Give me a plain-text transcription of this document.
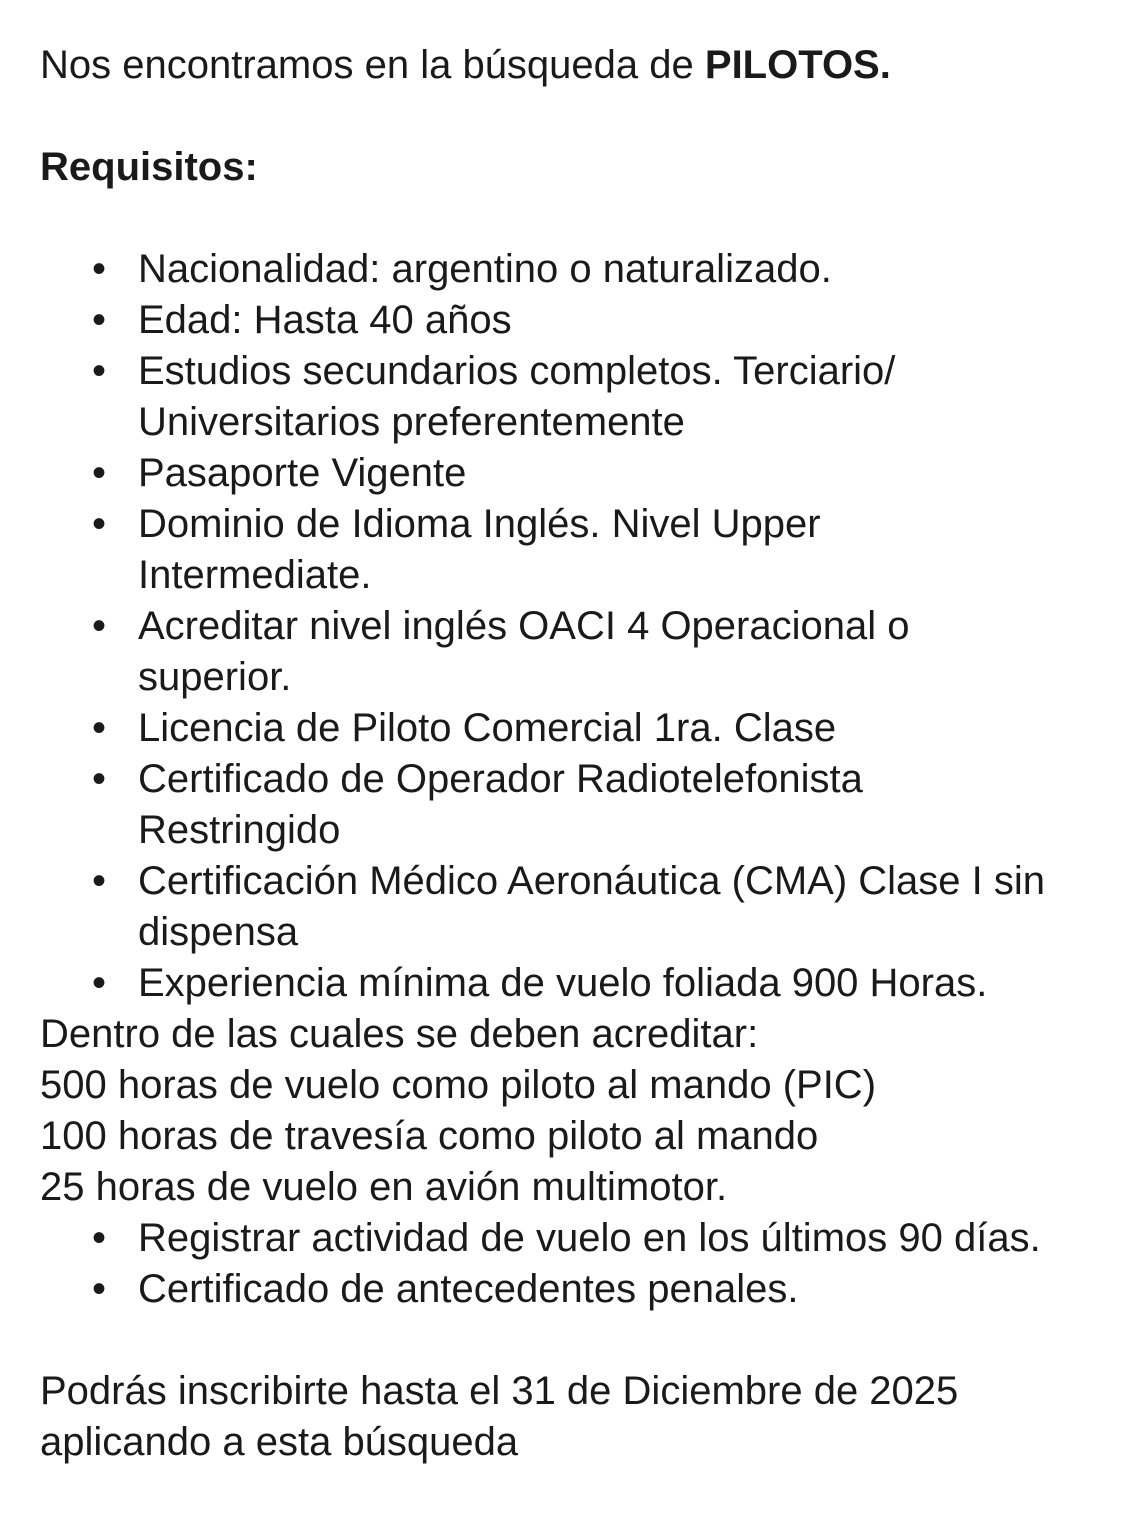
Nos encontramos en la búsqueda de PILOTOS.

Requisitos:

• Nacionalidad: argentino o naturalizado.
• Edad: Hasta 40 años
• Estudios secundarios completos. Terciario/ Universitarios preferentemente
• Pasaporte Vigente
• Dominio de Idioma Inglés. Nivel Upper Intermediate.
• Acreditar nivel inglés OACI 4 Operacional o superior.
• Licencia de Piloto Comercial 1ra. Clase
• Certificado de Operador Radiotelefonista Restringido
• Certificación Médico Aeronáutica (CMA) Clase I sin dispensa
• Experiencia mínima de vuelo foliada 900 Horas.

Dentro de las cuales se deben acreditar:

500 horas de vuelo como piloto al mando (PIC)

100 horas de travesía como piloto al mando

25 horas de vuelo en avión multimotor.

• Registrar actividad de vuelo en los últimos 90 días.
• Certificado de antecedentes penales.

Podrás inscribirte hasta el 31 de Diciembre de 2025

aplicando a esta búsqueda
